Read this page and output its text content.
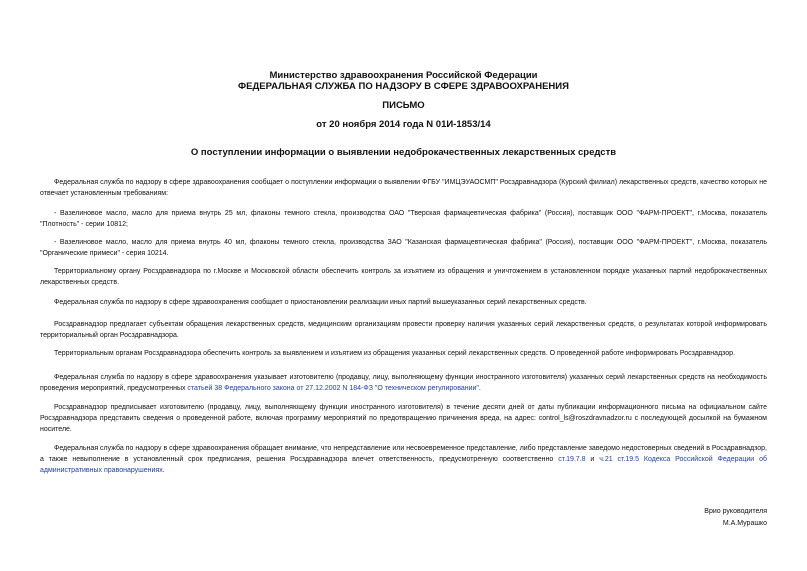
Министерство здравоохранения Российской Федерации
ФЕДЕРАЛЬНАЯ СЛУЖБА ПО НАДЗОРУ В СФЕРЕ ЗДРАВООХРАНЕНИЯ
ПИСЬМО
от 20 ноября 2014 года N 01И-1853/14
О поступлении информации о выявлении недоброкачественных лекарственных средств
Федеральная служба по надзору в сфере здравоохранения сообщает о поступлении информации о выявлении ФГБУ "ИМЦЭУАОСМП" Росздравнадзора (Курский филиал) лекарственных средств, качество которых не отвечает установленным требованиям:
- Вазелиновое масло, масло для приема внутрь 25 мл, флаконы темного стекла, производства ОАО "Тверская фармацевтическая фабрика" (Россия), поставщик ООО "ФАРМ-ПРОЕКТ", г.Москва, показатель "Плотность" - серии 10812;
- Вазелиновое масло, масло для приема внутрь 40 мл, флаконы темного стекла, производства ЗАО "Казанская фармацевтическая фабрика" (Россия), поставщик ООО "ФАРМ-ПРОЕКТ", г.Москва, показатель "Органические примеси" - серия 10214.
Территориальному органу Росздравнадзора по г.Москве и Московской области обеспечить контроль за изъятием из обращения и уничтожением в установленном порядке указанных партий недоброкачественных лекарственных средств.
Федеральная служба по надзору в сфере здравоохранения сообщает о приостановлении реализации иных партий вышеуказанных серий лекарственных средств.
Росздравнадзор предлагает субъектам обращения лекарственных средств, медицинским организациям провести проверку наличия указанных серий лекарственных средств, о результатах которой информировать территориальный орган Росздравнадзора.
Территориальным органам Росздравнадзора обеспечить контроль за выявлением и изъятием из обращения указанных серий лекарственных средств. О проведенной работе информировать Росздравнадзор.
Федеральная служба по надзору в сфере здравоохранения указывает изготовителю (продавцу, лицу, выполняющему функции иностранного изготовителя) указанных серий лекарственных средств на необходимость проведения мероприятий, предусмотренных статьей 38 Федерального закона от 27.12.2002 N 184-ФЗ "О техническом регулировании".
Росздравнадзор предписывает изготовителю (продавцу, лицу, выполняющему функции иностранного изготовителя) в течение десяти дней от даты публикации информационного письма на официальном сайте Росздравнадзора представить сведения о проведенной работе, включая программу мероприятий по предотвращению причинения вреда, на адрес: control_ls@roszdravnadzor.ru с последующей досылкой на бумажном носителе.
Федеральная служба по надзору в сфере здравоохранения обращает внимание, что непредставление или несвоевременное представление, либо представление заведомо недостоверных сведений в Росздравнадзор, а также невыполнение в установленный срок предписания, решения Росздравнадзора влечет ответственность, предусмотренную соответственно ст.19.7.8 и ч.21 ст.19.5 Кодекса Российской Федерации об административных правонарушениях.
Врио руководителя
М.А.Мурашко
